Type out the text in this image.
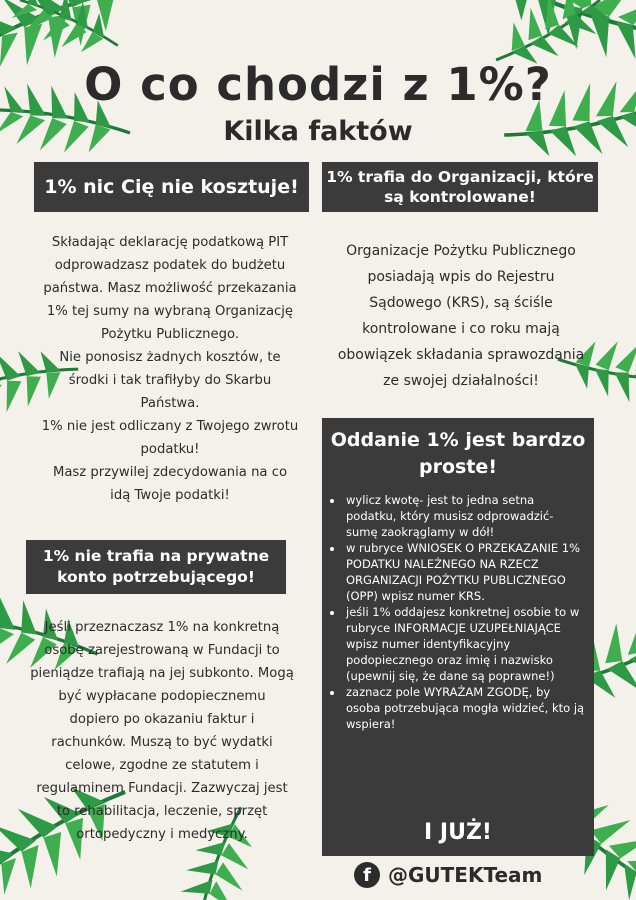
O co chodzi z 1%?
Kilka faktów
1% nic Cię nie kosztuje!
Składając deklarację podatkową PIT
odprowadzasz podatek do budżetu
państwa. Masz możliwość przekazania
1% tej sumy na wybraną Organizację
Pożytku Publicznego.
Nie ponosisz żadnych kosztów, te
środki i tak trafiłyby do Skarbu
Państwa.
1% nie jest odliczany z Twojego zwrotu
podatku!
Masz przywilej zdecydowania na co
idą Twoje podatki!
1% trafia do Organizacji, które są kontrolowane!
Organizacje Pożytku Publicznego
posiadają wpis do Rejestru
Sądowego (KRS), są ściśle
kontrolowane i co roku mają
obowiązek składania sprawozdania
ze swojej działalności!
1% nie trafia na prywatne konto potrzebującego!
Jeśli przeznaczasz 1% na konkretną
osobę zarejestrowaną w Fundacji to
pieniądze trafiają na jej subkonto. Mogą
być wypłacane podopiecznemu
dopiero po okazaniu faktur i
rachunków. Muszą to być wydatki
celowe, zgodne ze statutem i
regulaminem Fundacji. Zazwyczaj jest
to rehabilitacja, leczenie, sprzęt
ortopedyczny i medyczny.
Oddanie 1% jest bardzo proste!
• wylicz kwotę- jest to jedna setna podatku, który musisz odprowadzić- sumę zaokrąglamy w dół!
• w rubryce WNIOSEK O PRZEKAZANIE 1% PODATKU NALEŻNEGO NA RZECZ ORGANIZACJI POŻYTKU PUBLICZNEGO (OPP) wpisz numer KRS.
• jeśli 1% oddajesz konkretnej osobie to w rubryce INFORMACJE UZUPEŁNIAJĄCE wpisz numer identyfikacyjny podopiecznego oraz imię i nazwisko (upewnij się, że dane są poprawne!)
• zaznacz pole WYRAŻAM ZGODĘ, by osoba potrzebująca mogła widzieć, kto ją wspiera!
I JUŻ!
f @GUTEKTeam
